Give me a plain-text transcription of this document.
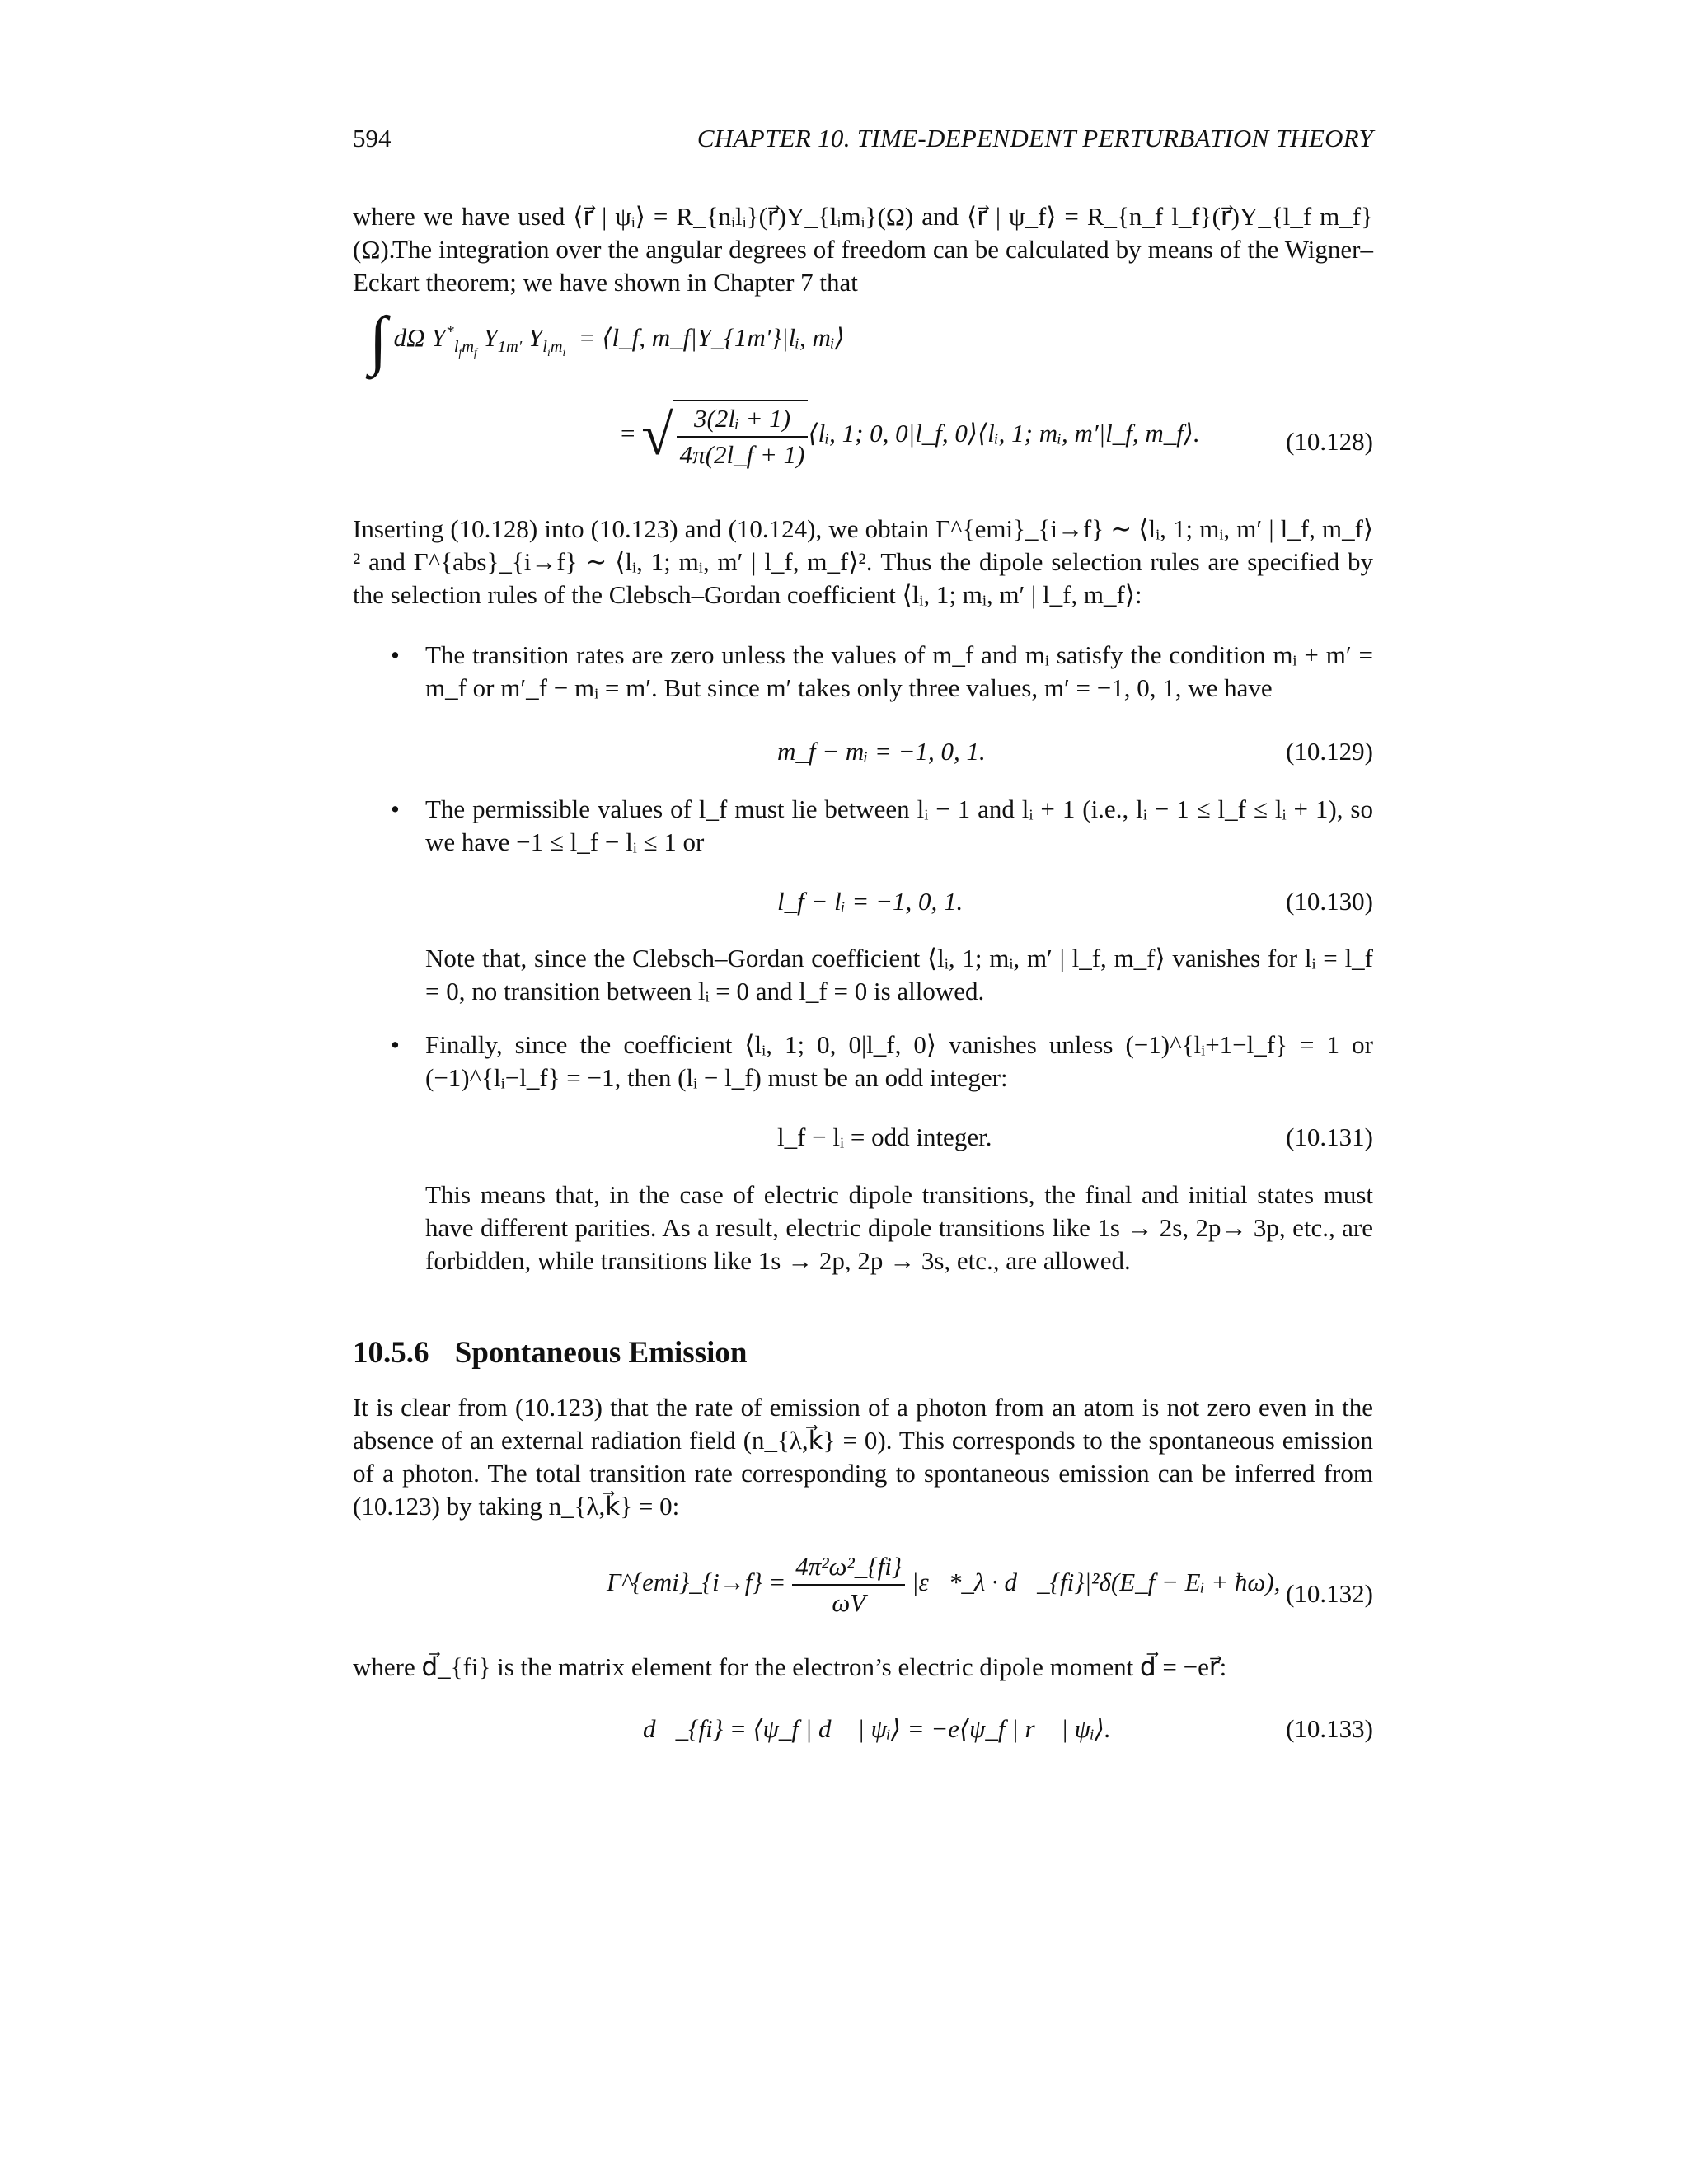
594	CHAPTER 10. TIME-DEPENDENT PERTURBATION THEORY
where we have used ⟨r⃗ | ψᵢ⟩ = R_{nᵢlᵢ}(r⃗)Y_{lᵢmᵢ}(Ω) and ⟨r⃗ | ψ_f⟩ = R_{n_f l_f}(r⃗)Y_{l_f m_f}(Ω).
The integration over the angular degrees of freedom can be calculated by means of the Wigner–Eckart theorem; we have shown in Chapter 7 that
∫ dΩ $Y^*_{l_fm_f}$ $Y_{1m'}$ $Y_{l_im_i}$  = ⟨l_f, m_f|Y_{1m′}|lᵢ, mᵢ⟩
= √ $\frac{\text{3(2lᵢ + 1)}}{4\pi(2l\_f + 1)}$ ⟨lᵢ, 1; 0, 0|l_f, 0⟩⟨lᵢ, 1; mᵢ, m′|l_f, m_f⟩.	(10.128)
Inserting (10.128) into (10.123) and (10.124), we obtain Γ^{emi}_{i→f} ∼ ⟨lᵢ, 1; mᵢ, m′ | l_f, m_f⟩² and Γ^{abs}_{i→f} ∼ ⟨lᵢ, 1; mᵢ, m′ | l_f, m_f⟩². Thus the dipole selection rules are specified by the selection rules of the Clebsch–Gordan coefficient ⟨lᵢ, 1; mᵢ, m′ | l_f, m_f⟩:
• The transition rates are zero unless the values of m_f and mᵢ satisfy the condition mᵢ + m′ = m_f or m′_f − mᵢ = m′. But since m′ takes only three values, m′ = −1, 0, 1, we have
m_f − mᵢ = −1, 0, 1.	(10.129)
• The permissible values of l_f must lie between lᵢ − 1 and lᵢ + 1 (i.e., lᵢ − 1 ≤ l_f ≤ lᵢ + 1), so we have −1 ≤ l_f − lᵢ ≤ 1 or
l_f − lᵢ = −1, 0, 1.	(10.130)
Note that, since the Clebsch–Gordan coefficient ⟨lᵢ, 1; mᵢ, m′ | l_f, m_f⟩ vanishes for lᵢ = l_f = 0, no transition between lᵢ = 0 and l_f = 0 is allowed.
• Finally, since the coefficient ⟨lᵢ, 1; 0, 0|l_f, 0⟩ vanishes unless (−1)^{lᵢ+1−l_f} = 1 or (−1)^{lᵢ−l_f} = −1, then (lᵢ − l_f) must be an odd integer:
l_f − lᵢ = odd integer.	(10.131)
This means that, in the case of electric dipole transitions, the final and initial states must have different parities. As a result, electric dipole transitions like 1s → 2s, 2p→ 3p, etc., are forbidden, while transitions like 1s → 2p, 2p → 3s, etc., are allowed.
10.5.6 Spontaneous Emission
It is clear from (10.123) that the rate of emission of a photon from an atom is not zero even in the absence of an external radiation field (n_{λ,k⃗} = 0). This corresponds to the spontaneous emission of a photon. The total transition rate corresponding to spontaneous emission can be inferred from (10.123) by taking n_{λ,k⃗} = 0:
Γ^{emi}_{i→f} = $\frac{\text{4π²ω²\_\{fi\}}}{\omega V}$ |ε⃗*_λ · d⃗_{fi}|²δ(E_f − Eᵢ + ħω), (10.132)
where d⃗_{fi} is the matrix element for the electron’s electric dipole moment d⃗ = −er⃗:
d⃗_{fi} = ⟨ψ_f | d⃗ | ψᵢ⟩ = −e⟨ψ_f | r⃗ | ψᵢ⟩.	(10.133)
